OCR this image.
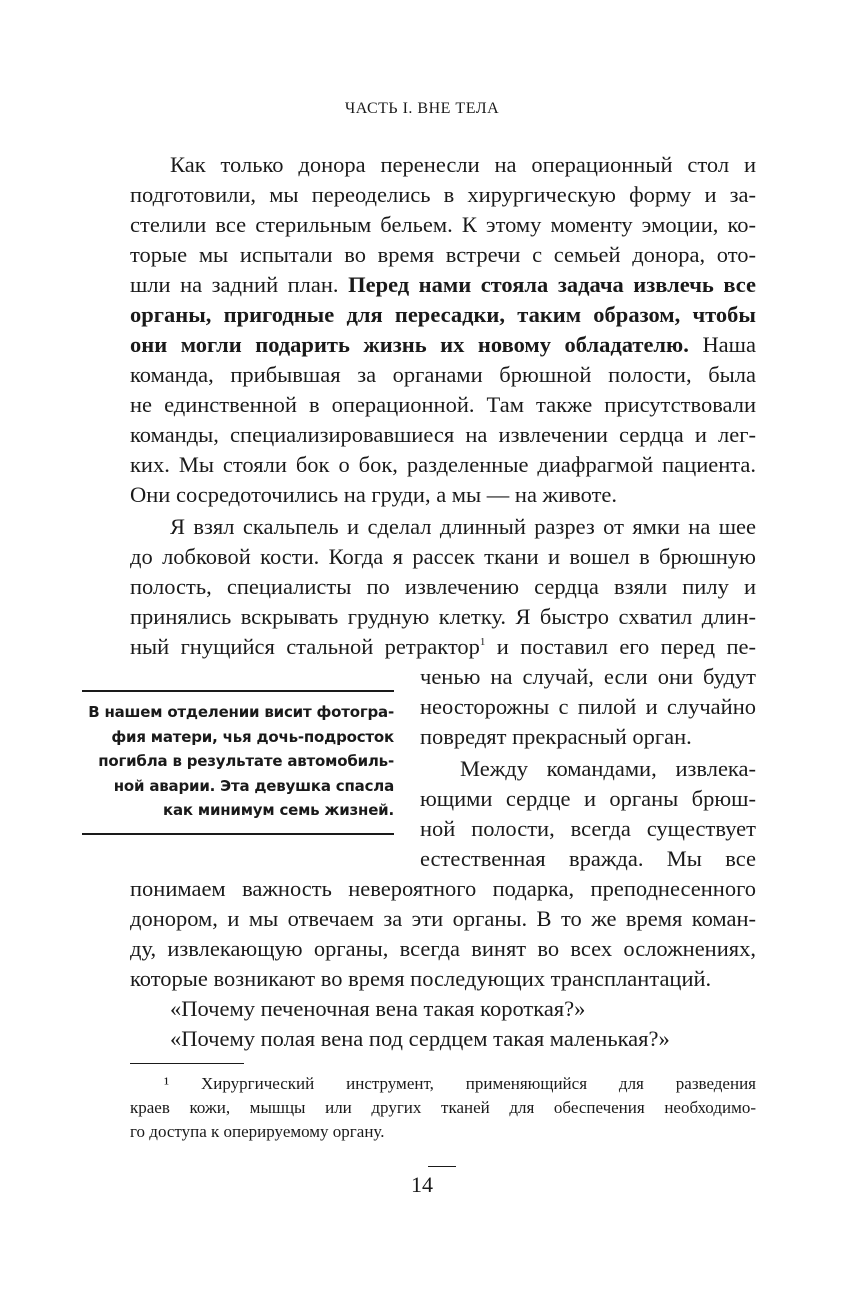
ЧАСТЬ I. ВНЕ ТЕЛА
Как только донора перенесли на операционный стол и
подготовили, мы переоделись в хирургическую форму и за-
стелили все стерильным бельем. К этому моменту эмоции, ко-
торые мы испытали во время встречи с семьей донора, ото-
шли на задний план. Перед нами стояла задача извлечь все
органы, пригодные для пересадки, таким образом, чтобы
они могли подарить жизнь их новому обладателю. Наша
команда, прибывшая за органами брюшной полости, была
не единственной в операционной. Там также присутствовали
команды, специализировавшиеся на извлечении сердца и лег-
ких. Мы стояли бок о бок, разделенные диафрагмой пациента.
Они сосредоточились на груди, а мы — на животе.
Я взял скальпель и сделал длинный разрез от ямки на шее
до лобковой кости. Когда я рассек ткани и вошел в брюшную
полость, специалисты по извлечению сердца взяли пилу и
принялись вскрывать грудную клетку. Я быстро схватил длин-
ный гнущийся стальной ретрактор$^1$ и поставил его перед пе-
ченью на случай, если они будут
неосторожны с пилой и случайно
повредят прекрасный орган.
Между командами, извлека-
ющими сердце и органы брюш-
ной полости, всегда существует
естественная вражда. Мы все
понимаем важность невероятного подарка, преподнесенного
донором, и мы отвечаем за эти органы. В то же время коман-
ду, извлекающую органы, всегда винят во всех осложнениях,
которые возникают во время последующих трансплантаций.
«Почему печеночная вена такая короткая?»
«Почему полая вена под сердцем такая маленькая?»
В нашем отделении висит фотогра-
фия матери, чья дочь-подросток
погибла в результате автомобиль-
ной аварии. Эта девушка спасла
как минимум семь жизней.
¹ Хирургический инструмент, применяющийся для разведения
краев кожи, мышцы или других тканей для обеспечения необходимо-
го доступа к оперируемому органу.
14
